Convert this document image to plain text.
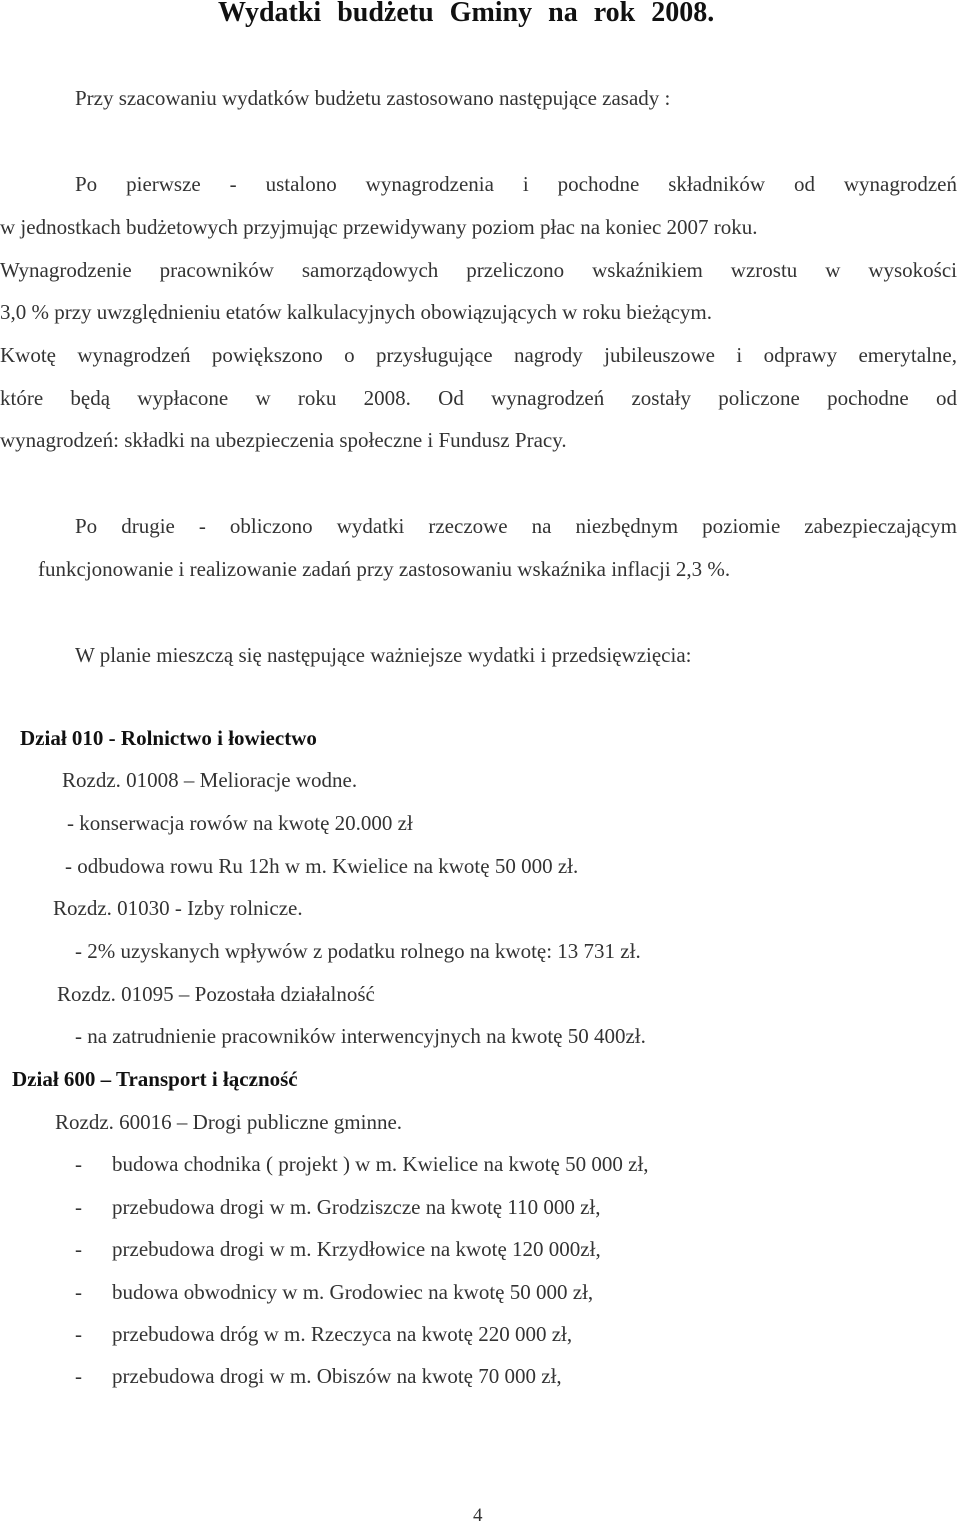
Wydatki budżetu Gminy na rok 2008.
Przy szacowaniu wydatków budżetu zastosowano następujące zasady :
Po pierwsze - ustalono wynagrodzenia i pochodne składników od wynagrodzeń
w jednostkach budżetowych przyjmując przewidywany poziom płac na koniec 2007 roku.
Wynagrodzenie pracowników samorządowych przeliczono wskaźnikiem wzrostu w wysokości
3,0 % przy uwzględnieniu etatów kalkulacyjnych obowiązujących w roku bieżącym.
Kwotę wynagrodzeń powiększono o przysługujące nagrody jubileuszowe i odprawy emerytalne,
które będą wypłacone w roku 2008. Od wynagrodzeń zostały policzone pochodne od
wynagrodzeń: składki na ubezpieczenia społeczne i Fundusz Pracy.
Po drugie - obliczono wydatki rzeczowe na niezbędnym poziomie zabezpieczającym
funkcjonowanie i realizowanie zadań przy zastosowaniu wskaźnika inflacji 2,3 %.
W planie mieszczą się następujące ważniejsze wydatki i przedsięwzięcia:
Dział 010 - Rolnictwo i łowiectwo
Rozdz. 01008 – Melioracje wodne.
- konserwacja rowów na kwotę 20.000 zł
- odbudowa rowu Ru 12h w m. Kwielice na kwotę 50 000 zł.
Rozdz. 01030 - Izby rolnicze.
- 2% uzyskanych wpływów z podatku rolnego na kwotę: 13 731 zł.
Rozdz. 01095 – Pozostała działalność
- na zatrudnienie pracowników interwencyjnych na kwotę 50 400zł.
Dział 600 – Transport i łączność
Rozdz. 60016 – Drogi publiczne gminne.
- budowa chodnika ( projekt ) w m. Kwielice na kwotę 50 000 zł,
- przebudowa drogi w m. Grodziszcze na kwotę 110 000 zł,
- przebudowa drogi w m. Krzydłowice na kwotę 120 000zł,
- budowa obwodnicy w m. Grodowiec na kwotę 50 000 zł,
- przebudowa dróg w m. Rzeczyca na kwotę 220 000 zł,
- przebudowa drogi w m. Obiszów na kwotę 70 000 zł,
4
